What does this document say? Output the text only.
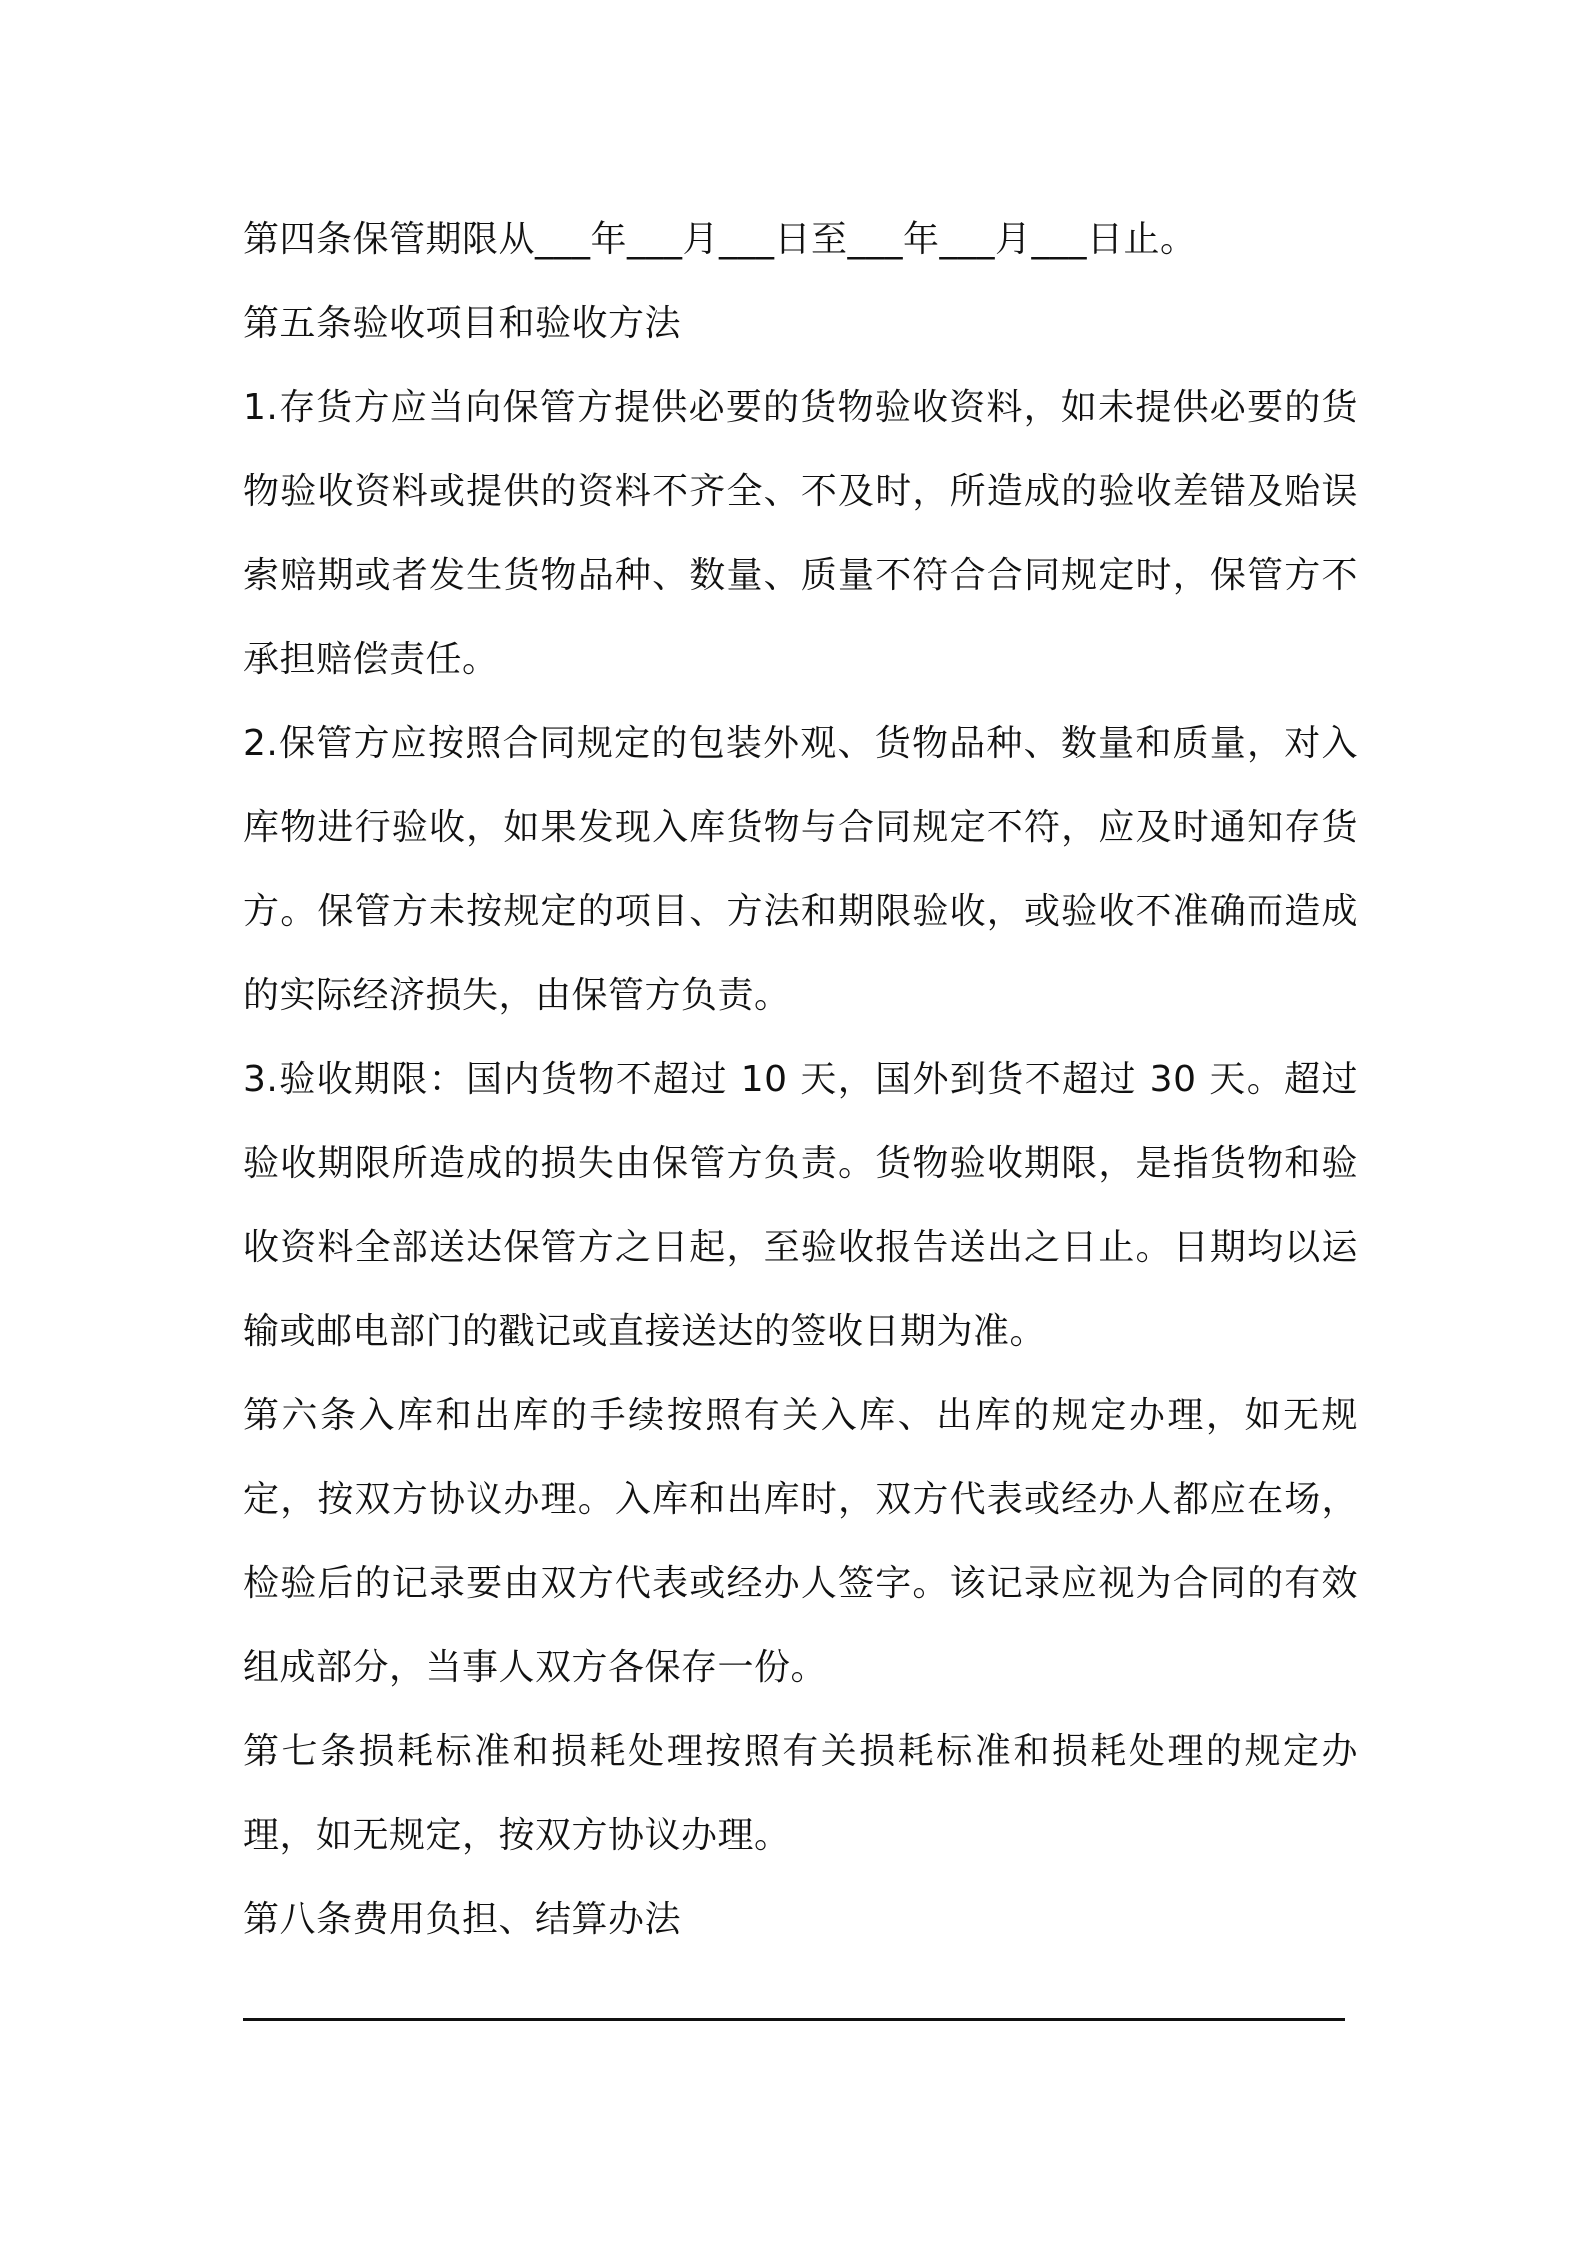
第四条保管期限从___年___月___日至___年___月___日止。

第五条验收项目和验收方法

1.存货方应当向保管方提供必要的货物验收资料，如未提供必要的货物验收资料或提供的资料不齐全、不及时，所造成的验收差错及贻误索赔期或者发生货物品种、数量、质量不符合合同规定时，保管方不承担赔偿责任。

2.保管方应按照合同规定的包装外观、货物品种、数量和质量，对入库物进行验收，如果发现入库货物与合同规定不符，应及时通知存货方。保管方未按规定的项目、方法和期限验收，或验收不准确而造成的实际经济损失，由保管方负责。

3.验收期限：国内货物不超过 10 天，国外到货不超过 30 天。超过验收期限所造成的损失由保管方负责。货物验收期限，是指货物和验收资料全部送达保管方之日起，至验收报告送出之日止。日期均以运输或邮电部门的戳记或直接送达的签收日期为准。

第六条入库和出库的手续按照有关入库、出库的规定办理，如无规定，按双方协议办理。入库和出库时，双方代表或经办人都应在场，检验后的记录要由双方代表或经办人签字。该记录应视为合同的有效组成部分，当事人双方各保存一份。

第七条损耗标准和损耗处理按照有关损耗标准和损耗处理的规定办理，如无规定，按双方协议办理。

第八条费用负担、结算办法
